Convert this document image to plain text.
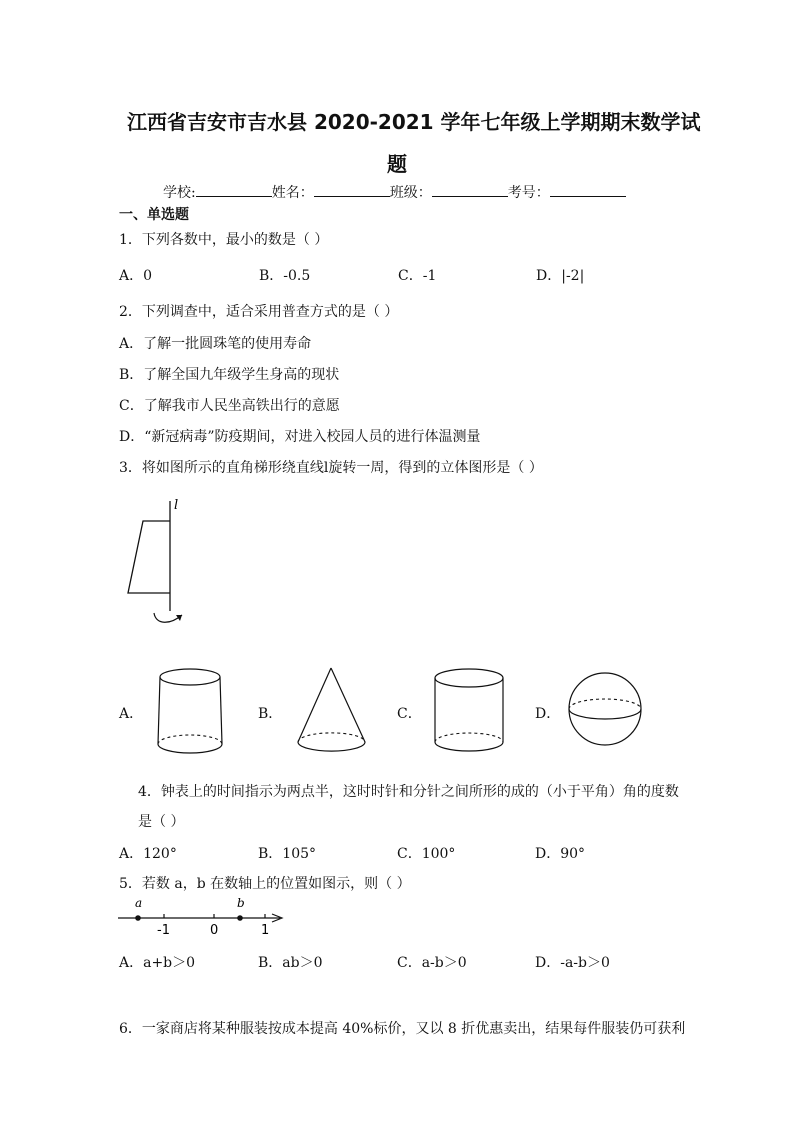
江西省吉安市吉水县 2020-2021 学年七年级上学期期末数学试
题
学校:	姓名：	班级：	考号：
一、单选题
1．下列各数中，最小的数是（ ）
A．0	B．-0.5	C．-1	D．|-2|
2．下列调查中，适合采用普查方式的是（ ）
A．了解一批圆珠笔的使用寿命
B．了解全国九年级学生身高的现状
C．了解我市人民坐高铁出行的意愿
D．“新冠病毒”防疫期间，对进入校园人员的进行体温测量
3．将如图所示的直角梯形绕直线l旋转一周，得到的立体图形是（ ）
l
A．	B．	C．	D．
4．钟表上的时间指示为两点半，这时时针和分针之间所形的成的（小于平角）角的度数
是（ ）
A．120°	B．105°	C．100°	D．90°
5．若数 a，b 在数轴上的位置如图示，则（ ）
a	b
-1	0	1
A．a+b＞0	B．ab＞0	C．a-b＞0	D．-a-b＞0
6．一家商店将某种服装按成本提高 40%标价，又以 8 折优惠卖出，结果每件服装仍可获利
